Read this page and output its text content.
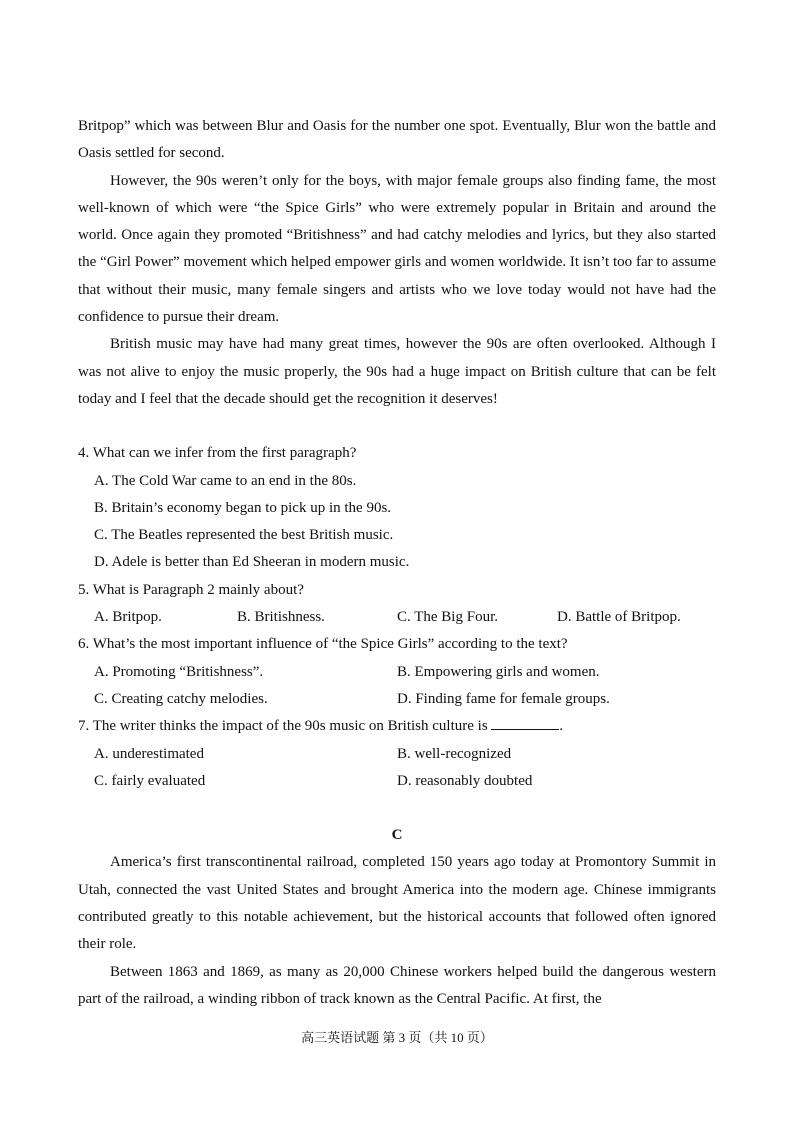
Britpop” which was between Blur and Oasis for the number one spot. Eventually, Blur won the battle and Oasis settled for second.

However, the 90s weren’t only for the boys, with major female groups also finding fame, the most well-known of which were “the Spice Girls” who were extremely popular in Britain and around the world. Once again they promoted “Britishness” and had catchy melodies and lyrics, but they also started the “Girl Power” movement which helped empower girls and women worldwide. It isn’t too far to assume that without their music, many female singers and artists who we love today would not have had the confidence to pursue their dream.

British music may have had many great times, however the 90s are often overlooked. Although I was not alive to enjoy the music properly, the 90s had a huge impact on British culture that can be felt today and I feel that the decade should get the recognition it deserves!

4. What can we infer from the first paragraph?

A. The Cold War came to an end in the 80s.

B. Britain’s economy began to pick up in the 90s.

C. The Beatles represented the best British music.

D. Adele is better than Ed Sheeran in modern music.

5. What is Paragraph 2 mainly about?

A. Britpop.	B. Britishness.	C. The Big Four.	D. Battle of Britpop.

6. What’s the most important influence of “the Spice Girls” according to the text?

A. Promoting “Britishness”.	B. Empowering girls and women.
C. Creating catchy melodies.	D. Finding fame for female groups.

7. The writer thinks the impact of the 90s music on British culture is	.

A. underestimated	B. well-recognized
C. fairly evaluated	D. reasonably doubted

C

America’s first transcontinental railroad, completed 150 years ago today at Promontory Summit in Utah, connected the vast United States and brought America into the modern age. Chinese immigrants contributed greatly to this notable achievement, but the historical accounts that followed often ignored their role.

Between 1863 and 1869, as many as 20,000 Chinese workers helped build the dangerous western part of the railroad, a winding ribbon of track known as the Central Pacific. At first, the

高三英语试题 第 3 页（共 10 页）
